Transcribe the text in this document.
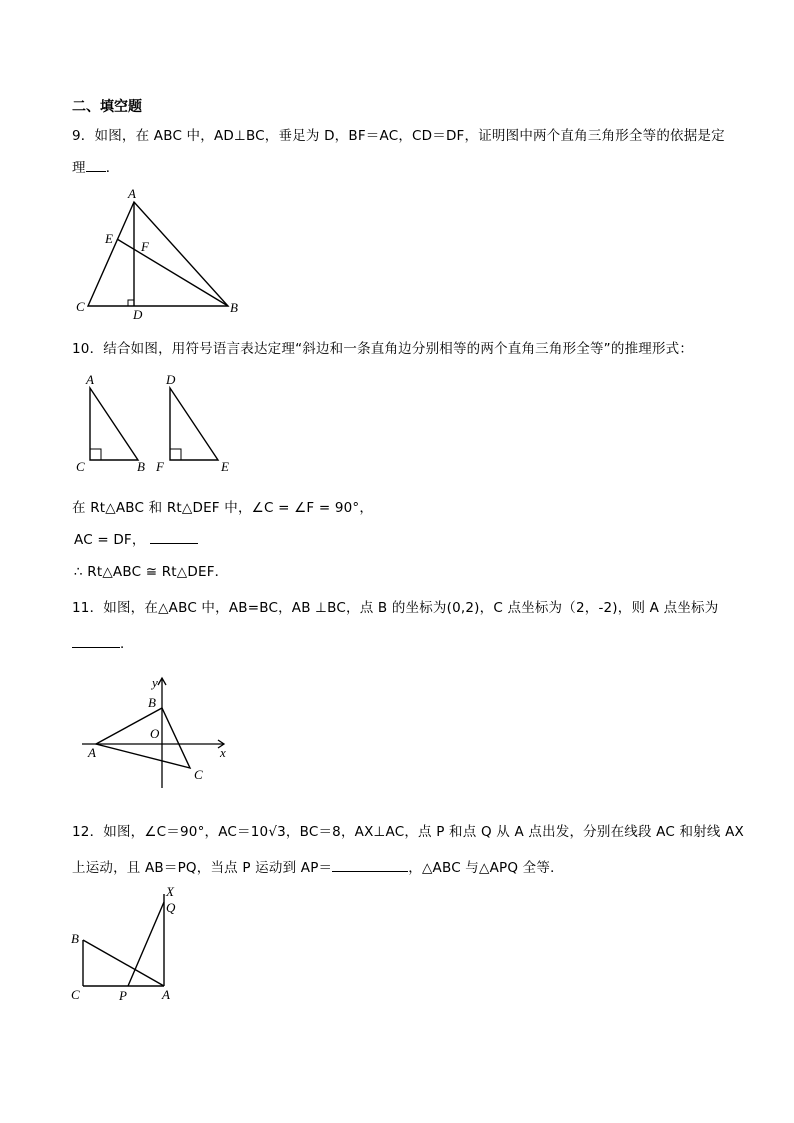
二、填空题
9．如图，在 ABC 中，AD⊥BC，垂足为 D，BF＝AC，CD＝DF，证明图中两个直角三角形全等的依据是定
理 ．
A
E
F
C
D	B
10．结合如图，用符号语言表达定理“斜边和一条直角边分别相等的两个直角三角形全等”的推理形式：
A
C	B
D
F	E
在 Rt△ABC 和 Rt△DEF 中，∠C = ∠F = 90°，
AC = DF，
∴ Rt△ABC ≅ Rt△DEF．
11．如图，在△ABC 中，AB=BC，AB ⊥BC，点 B 的坐标为(0,2)，C 点坐标为（2，-2)，则 A 点坐标为
．
y
B
O
A	x
C
12．如图，∠C＝90°，AC＝10√3，BC＝8，AX⊥AC，点 P 和点 Q 从 A 点出发，分别在线段 AC 和射线 AX
上运动，且 AB＝PQ，当点 P 运动到 AP＝	，△ABC 与△APQ 全等．
X
Q
B
C	P	A
